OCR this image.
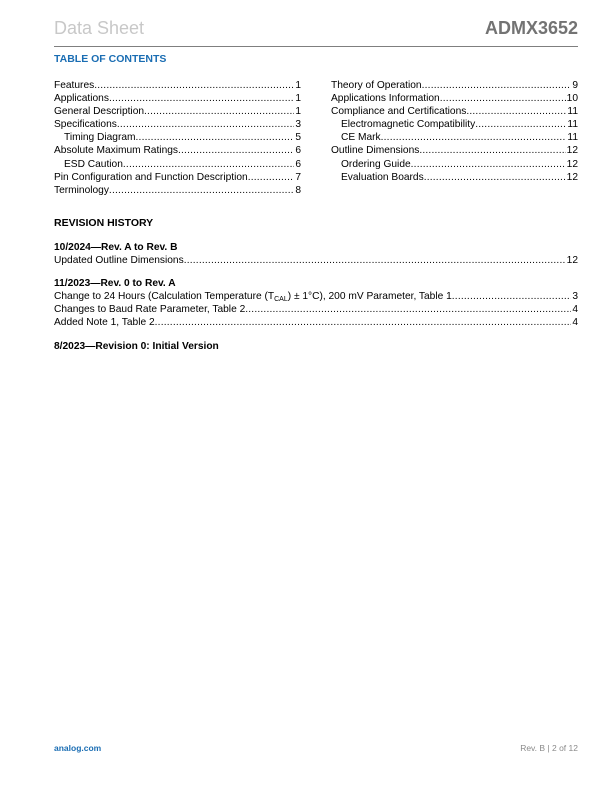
Data Sheet	ADMX3652
TABLE OF CONTENTS
Features .....	1
Applications .....	1
General Description .....	1
Specifications .....	3
Timing Diagram .....	5
Absolute Maximum Ratings .....	6
ESD Caution .....	6
Pin Configuration and Function Description .....	7
Terminology .....	8
Theory of Operation .....	9
Applications Information .....	10
Compliance and Certifications .....	11
Electromagnetic Compatibility .....	11
CE Mark .....	11
Outline Dimensions .....	12
Ordering Guide .....	12
Evaluation Boards .....	12
REVISION HISTORY
10/2024—Rev. A to Rev. B
Updated Outline Dimensions .....	12
11/2023—Rev. 0 to Rev. A
Change to 24 Hours (Calculation Temperature $(T_{CAL}) \pm 1^\circ C$), 200 mV Parameter, Table 1 .....	3
Changes to Baud Rate Parameter, Table 2 .....	4
Added Note 1, Table 2 .....	4
8/2023—Revision 0: Initial Version
analog.com	Rev. B | 2 of 12
